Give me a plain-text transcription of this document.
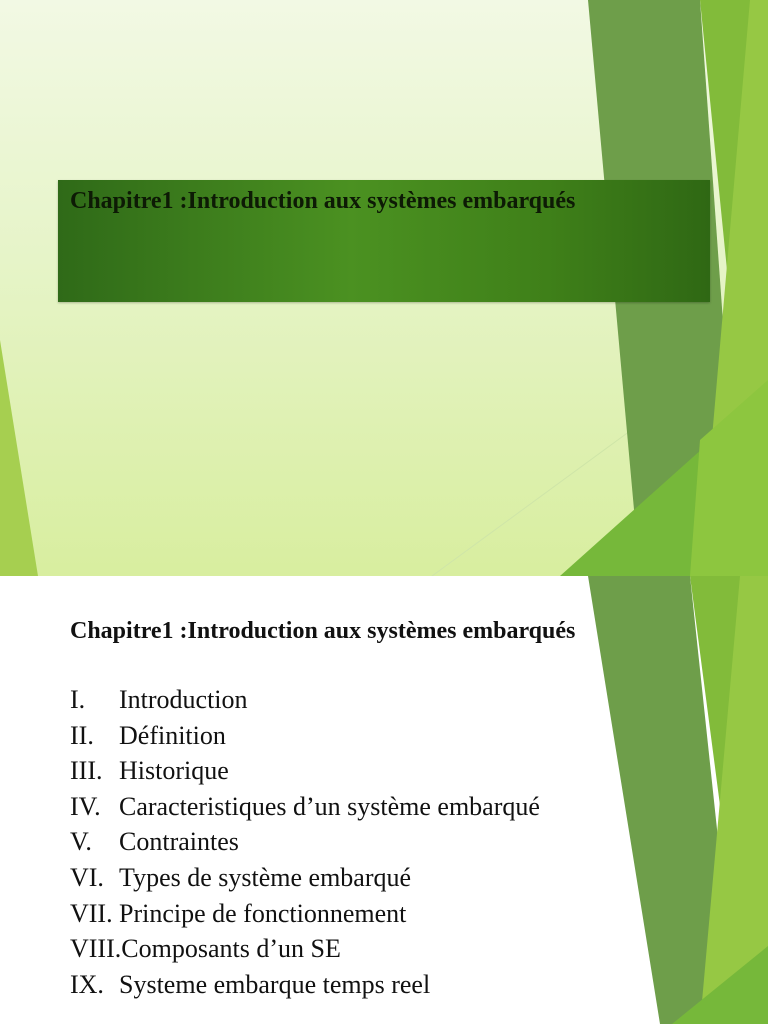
Chapitre1 :Introduction aux systèmes embarqués
Chapitre1 :Introduction aux systèmes embarqués
I. Introduction
II. Définition
III. Historique
IV. Caracteristiques d’un système embarqué
V. Contraintes
VI. Types de système embarqué
VII. Principe de fonctionnement
VIII.Composants d’un SE
IX. Systeme embarque temps reel
